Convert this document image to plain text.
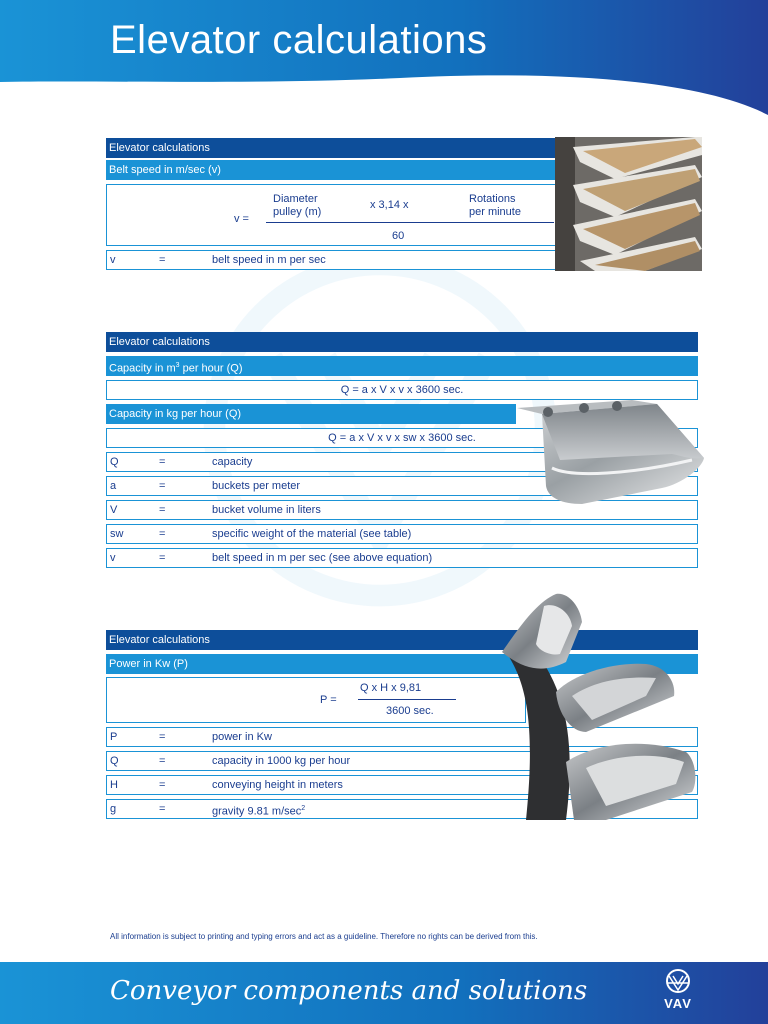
Elevator calculations
Elevator calculations
Belt speed in m/sec (v)
v =
Diameter
pulley (m)
x 3,14 x	Rotations
per minute
60
v	=	belt speed in m per sec
Elevator calculations
Capacity in $m^3$ per hour (Q)
Q = a x V x v x 3600 sec.
Capacity in kg per hour (Q)
Q = a x V x v x sw x 3600 sec.
Q	=	capacity
a	=	buckets per meter
V	=	bucket volume in liters
sw	=	specific weight of the material (see table)
v	=	belt speed in m per sec (see above equation)
Elevator calculations
Power in Kw (P)
P =
Q x H x 9,81
3600 sec.
P	=	power in Kw
Q	=	capacity in 1000 kg per hour
H	=	conveying height in meters
g	=	gravity 9.81 $m/\sec^2$
All information is subject to printing and typing errors and act as a guideline. Therefore no rights can be derived from this.
Conveyor components and solutions	VAV
